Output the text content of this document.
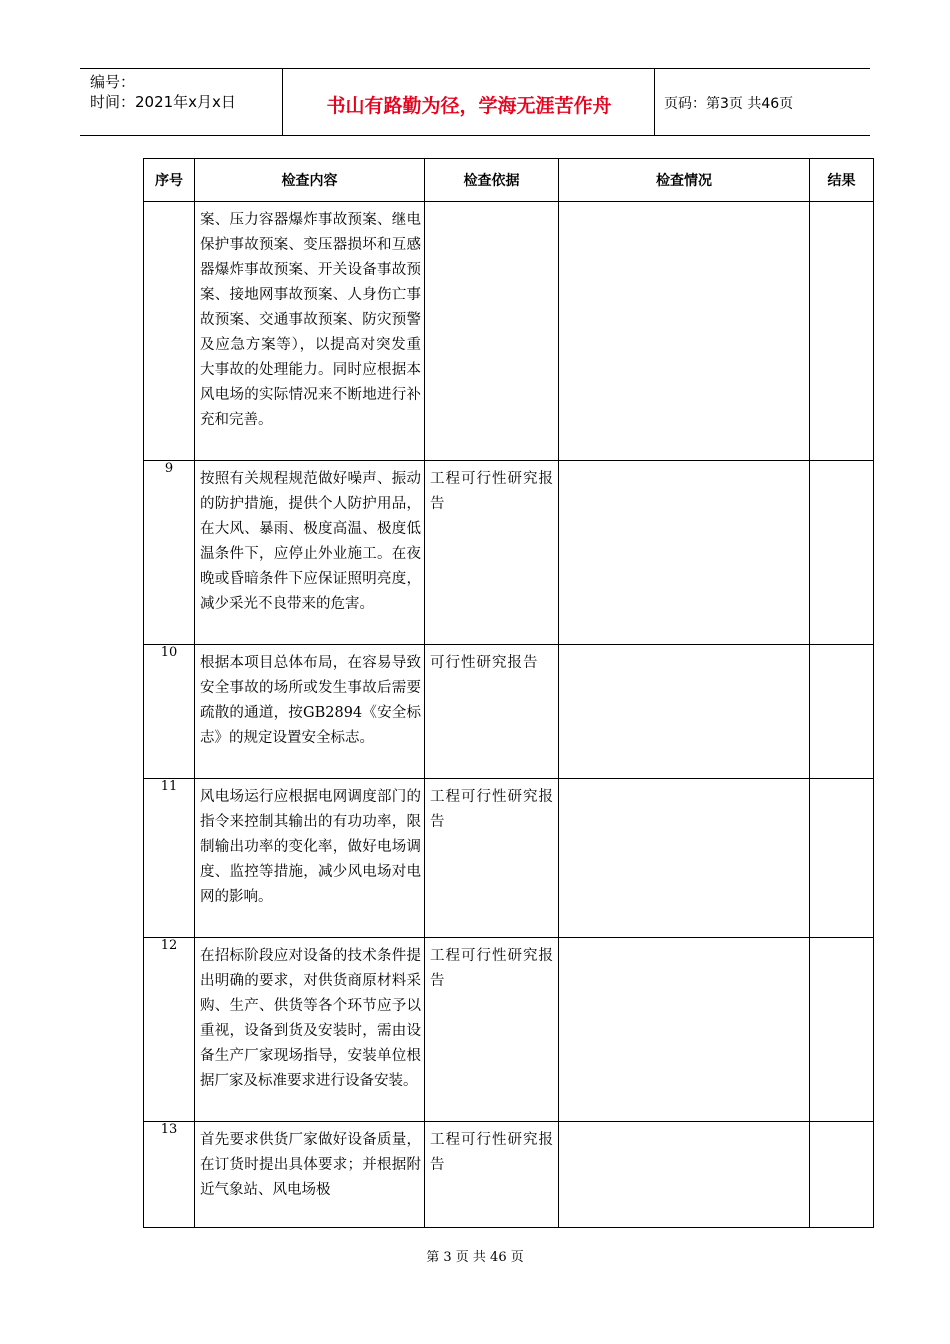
编号：
时间：2021年x月x日	书山有路勤为径，学海无涯苦作舟	页码：第3页 共46页
序号	检查内容	检查依据	检查情况	结果

	案、压力容器爆炸事故预案、继电保护事故预案、变压器损坏和互感器爆炸事故预案、开关设备事故预案、接地网事故预案、人身伤亡事故预案、交通事故预案、防灾预警及应急方案等），以提高对突发重大事故的处理能力。同时应根据本风电场的实际情况来不断地进行补充和完善。			

9	按照有关规程规范做好噪声、振动的防护措施，提供个人防护用品，在大风、暴雨、极度高温、极度低温条件下，应停止外业施工。在夜晚或昏暗条件下应保证照明亮度，减少采光不良带来的危害。	工程可行性研究报告		

10	根据本项目总体布局，在容易导致安全事故的场所或发生事故后需要疏散的通道，按GB2894《安全标志》的规定设置安全标志。	可行性研究报告		

11	风电场运行应根据电网调度部门的指令来控制其输出的有功功率，限制输出功率的变化率，做好电场调度、监控等措施，减少风电场对电网的影响。	工程可行性研究报告		

12	在招标阶段应对设备的技术条件提出明确的要求，对供货商原材料采购、生产、供货等各个环节应予以重视，设备到货及安装时，需由设备生产厂家现场指导，安装单位根据厂家及标准要求进行设备安装。	工程可行性研究报告		

13	首先要求供货厂家做好设备质量，在订货时提出具体要求；并根据附近气象站、风电场极	工程可行性研究报告		

第 3 页 共 46 页
